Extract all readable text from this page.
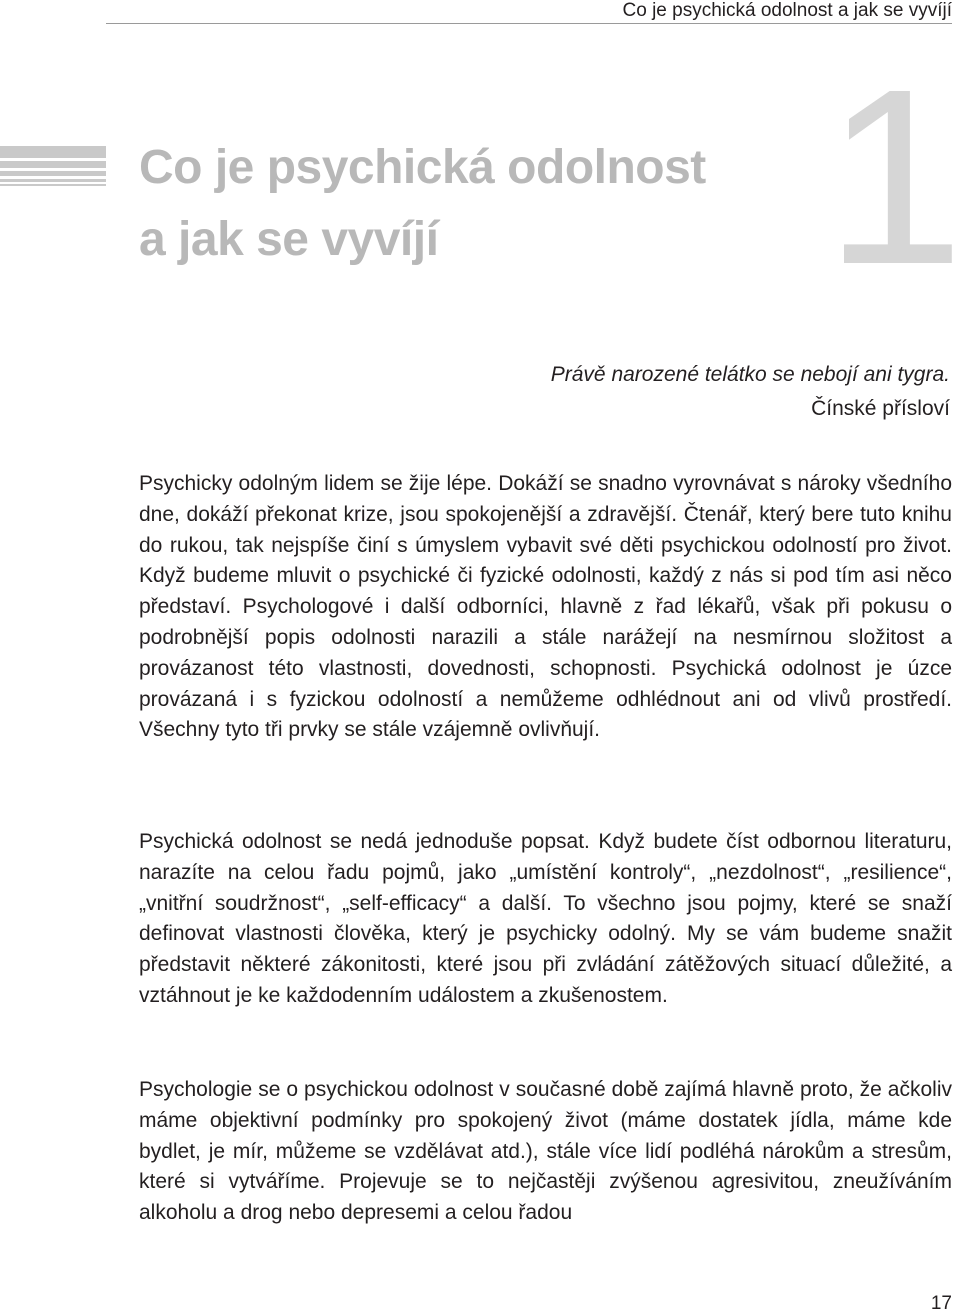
Co je psychická odolnost a jak se vyvíjí
Co je psychická odolnost
a jak se vyvíjí	1
Právě narozené telátko se nebojí ani tygra.
Čínské přísloví

Psychicky odolným lidem se žije lépe. Dokáží se snadno vyrovnávat s nároky všedního dne, dokáží překonat krize, jsou spokojenější a zdravější. Čtenář, který bere tuto knihu do rukou, tak nejspíše činí s úmyslem vybavit své děti psychickou odolností pro život. Když budeme mluvit o psychické či fyzické odolnosti, každý z nás si pod tím asi něco představí. Psychologové i další odborníci, hlavně z řad lékařů, však při pokusu o podrobnější popis odolnosti narazili a stále narážejí na nesmírnou složitost a provázanost této vlastnosti, dovednosti, schopnosti. Psychická odolnost je úzce provázaná i s fyzickou odolností a nemůžeme odhlédnout ani od vlivů prostředí. Všechny tyto tři prvky se stále vzájemně ovlivňují.

Psychická odolnost se nedá jednoduše popsat. Když budete číst odbornou literaturu, narazíte na celou řadu pojmů, jako „umístění kontroly“, „nezdolnost“, „resilience“, „vnitřní soudržnost“, „self-efficacy“ a další. To všechno jsou pojmy, které se snaží definovat vlastnosti člověka, který je psychicky odolný. My se vám budeme snažit představit některé zákonitosti, které jsou při zvládání zátěžových situací důležité, a vztáhnout je ke každodenním událostem a zkušenostem.

Psychologie se o psychickou odolnost v současné době zajímá hlavně proto, že ačkoliv máme objektivní podmínky pro spokojený život (máme dostatek jídla, máme kde bydlet, je mír, můžeme se vzdělávat atd.), stále více lidí podléhá nárokům a stresům, které si vytváříme. Projevuje se to nejčastěji zvýšenou agresivitou, zneužíváním alkoholu a drog nebo depresemi a celou řadou

17
